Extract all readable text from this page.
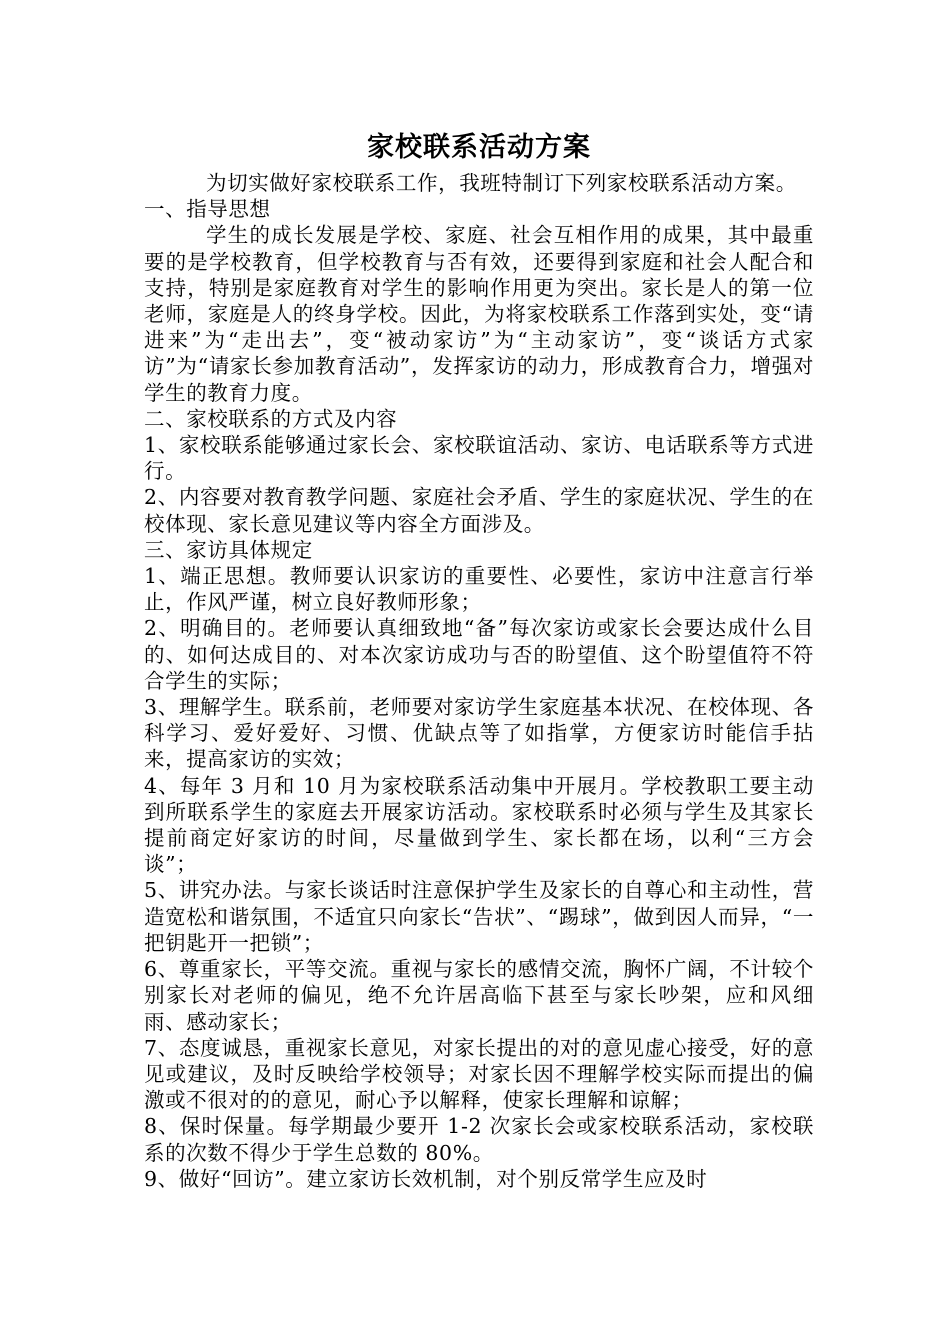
家校联系活动方案

为切实做好家校联系工作，我班特制订下列家校联系活动方案。

一、指导思想

学生的成长发展是学校、家庭、社会互相作用的成果，其中最重要的是学校教育，但学校教育与否有效，还要得到家庭和社会人配合和支持，特别是家庭教育对学生的影响作用更为突出。家长是人的第一位老师，家庭是人的终身学校。因此，为将家校联系工作落到实处，变“请进来”为“走出去”，变“被动家访”为“主动家访”，变“谈话方式家访”为“请家长参加教育活动”，发挥家访的动力，形成教育合力，增强对学生的教育力度。

二、家校联系的方式及内容

1、家校联系能够通过家长会、家校联谊活动、家访、电话联系等方式进行。

2、内容要对教育教学问题、家庭社会矛盾、学生的家庭状况、学生的在校体现、家长意见建议等内容全方面涉及。

三、家访具体规定

1、端正思想。教师要认识家访的重要性、必要性，家访中注意言行举止，作风严谨，树立良好教师形象；

2、明确目的。老师要认真细致地“备”每次家访或家长会要达成什么目的、如何达成目的、对本次家访成功与否的盼望值、这个盼望值符不符合学生的实际；

3、理解学生。联系前，老师要对家访学生家庭基本状况、在校体现、各科学习、爱好爱好、习惯、优缺点等了如指掌，方便家访时能信手拈来，提高家访的实效；

4、每年 3 月和 10 月为家校联系活动集中开展月。学校教职工要主动到所联系学生的家庭去开展家访活动。家校联系时必须与学生及其家长提前商定好家访的时间，尽量做到学生、家长都在场，以利“三方会谈”；

5、讲究办法。与家长谈话时注意保护学生及家长的自尊心和主动性，营造宽松和谐氛围，不适宜只向家长“告状”、“踢球”，做到因人而异，“一把钥匙开一把锁”；

6、尊重家长，平等交流。重视与家长的感情交流，胸怀广阔，不计较个别家长对老师的偏见，绝不允许居高临下甚至与家长吵架，应和风细雨、感动家长；

7、态度诚恳，重视家长意见，对家长提出的对的意见虚心接受，好的意见或建议，及时反映给学校领导；对家长因不理解学校实际而提出的偏激或不很对的的意见，耐心予以解释，使家长理解和谅解；

8、保时保量。每学期最少要开 1-2 次家长会或家校联系活动，家校联系的次数不得少于学生总数的 80%。

9、做好“回访”。建立家访长效机制，对个别反常学生应及时
